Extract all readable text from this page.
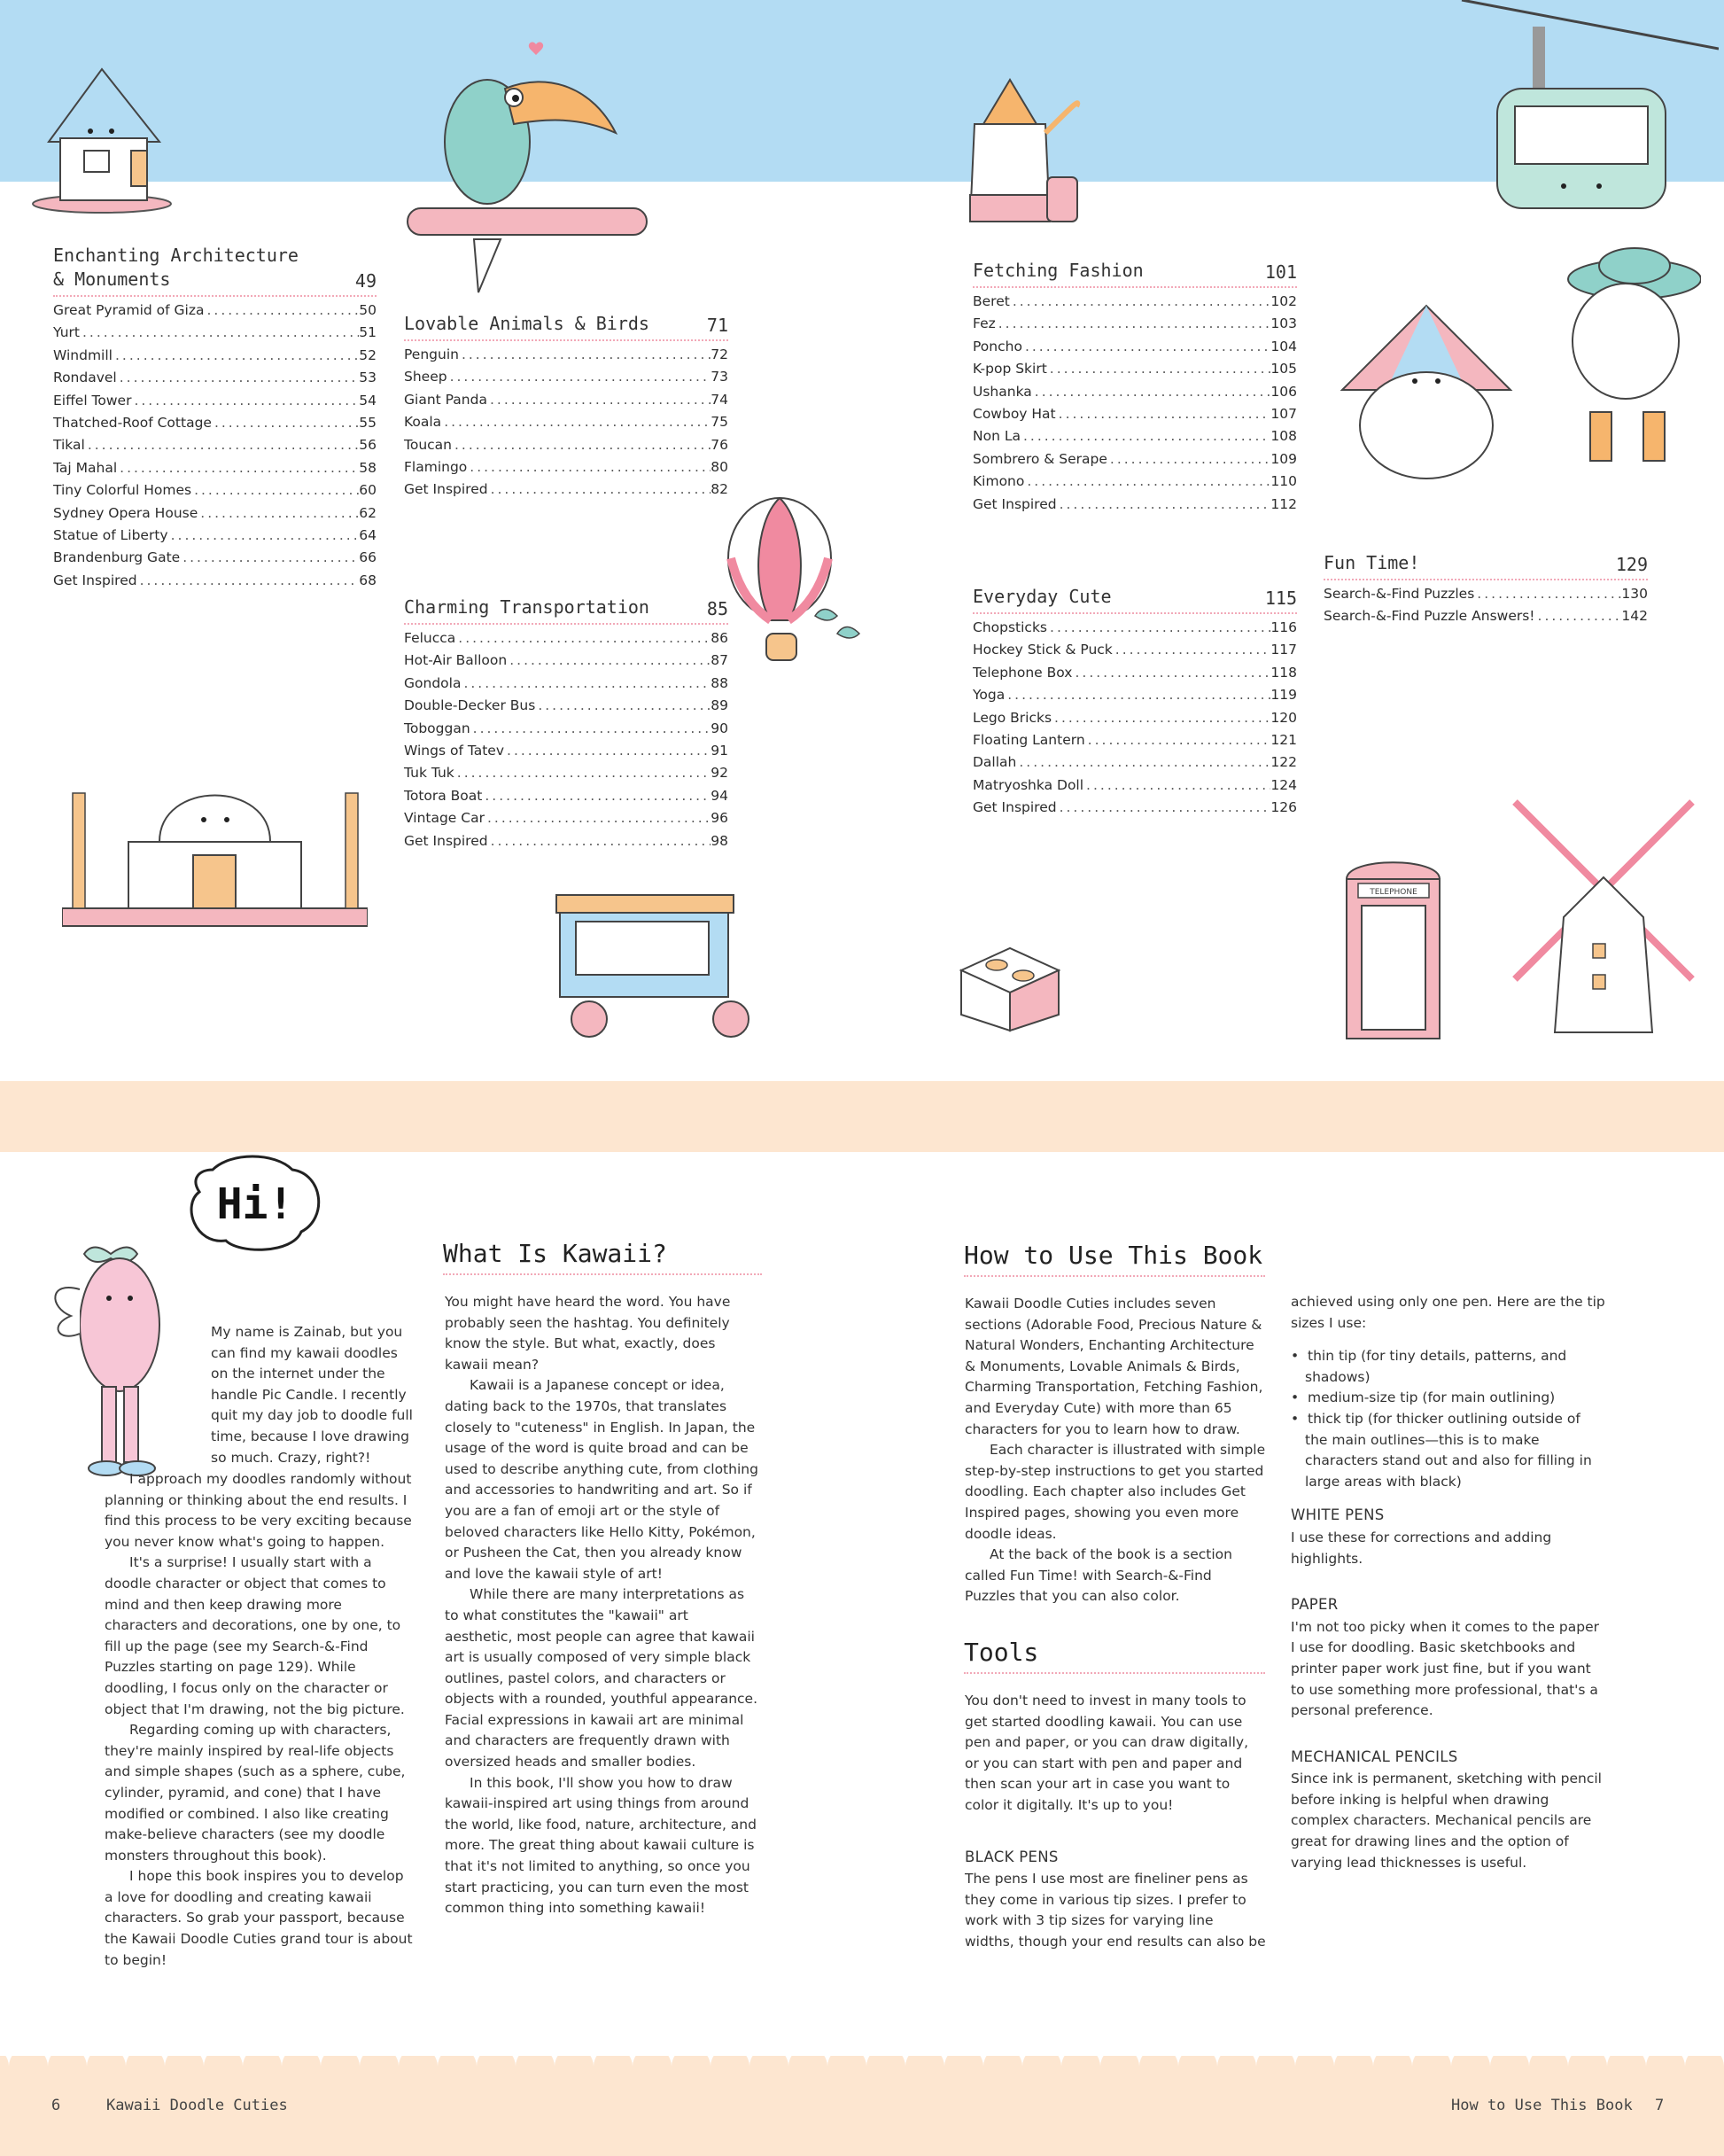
TELEPHONE
Enchanting Architecture & Monuments	49
Great Pyramid of Giza .....	50
Yurt .....	51
Windmill .....	52
Rondavel .....	53
Eiffel Tower .....	54
Thatched-Roof Cottage .....	55
Tikal .....	56
Taj Mahal .....	58
Tiny Colorful Homes .....	60
Sydney Opera House .....	62
Statue of Liberty .....	64
Brandenburg Gate .....	66
Get Inspired .....	68
Lovable Animals & Birds	71
Penguin .....	72
Sheep .....	73
Giant Panda .....	74
Koala .....	75
Toucan .....	76
Flamingo .....	80
Get Inspired .....	82
Charming Transportation	85
Felucca .....	86
Hot-Air Balloon .....	87
Gondola .....	88
Double-Decker Bus .....	89
Toboggan .....	90
Wings of Tatev .....	91
Tuk Tuk .....	92
Totora Boat .....	94
Vintage Car .....	96
Get Inspired .....	98
Fetching Fashion	101
Beret .....	102
Fez .....	103
Poncho .....	104
K-pop Skirt .....	105
Ushanka .....	106
Cowboy Hat .....	107
Non La .....	108
Sombrero & Serape .....	109
Kimono .....	110
Get Inspired .....	112
Everyday Cute	115
Chopsticks .....	116
Hockey Stick & Puck .....	117
Telephone Box .....	118
Yoga .....	119
Lego Bricks .....	120
Floating Lantern .....	121
Dallah .....	122
Matryoshka Doll .....	124
Get Inspired .....	126
Fun Time!	129
Search-&-Find Puzzles .....	130
Search-&-Find Puzzle Answers! .....	142
Hi!

My name is Zainab, but you can find my kawaii doodles on the internet under the handle Pic Candle. I recently quit my day job to doodle full time, because I love drawing so much. Crazy, right?!

I approach my doodles randomly without planning or thinking about the end results. I find this process to be very exciting because you never know what's going to happen.

It's a surprise! I usually start with a doodle character or object that comes to mind and then keep drawing more characters and decorations, one by one, to fill up the page (see my Search-&-Find Puzzles starting on page 129). While doodling, I focus only on the character or object that I'm drawing, not the big picture.

Regarding coming up with characters, they're mainly inspired by real-life objects and simple shapes (such as a sphere, cube, cylinder, pyramid, and cone) that I have modified or combined. I also like creating make-believe characters (see my doodle monsters throughout this book).

I hope this book inspires you to develop a love for doodling and creating kawaii characters. So grab your passport, because the Kawaii Doodle Cuties grand tour is about to begin!

What Is Kawaii?

You might have heard the word. You have probably seen the hashtag. You definitely know the style. But what, exactly, does kawaii mean?

Kawaii is a Japanese concept or idea, dating back to the 1970s, that translates closely to "cuteness" in English. In Japan, the usage of the word is quite broad and can be used to describe anything cute, from clothing and accessories to handwriting and art. So if you are a fan of emoji art or the style of beloved characters like Hello Kitty, Pokémon, or Pusheen the Cat, then you already know and love the kawaii style of art!

While there are many interpretations as to what constitutes the "kawaii" art aesthetic, most people can agree that kawaii art is usually composed of very simple black outlines, pastel colors, and characters or objects with a rounded, youthful appearance. Facial expressions in kawaii art are minimal and characters are frequently drawn with oversized heads and smaller bodies.

In this book, I'll show you how to draw kawaii-inspired art using things from around the world, like food, nature, architecture, and more. The great thing about kawaii culture is that it's not limited to anything, so once you start practicing, you can turn even the most common thing into something kawaii!

How to Use This Book

Kawaii Doodle Cuties includes seven sections (Adorable Food, Precious Nature & Natural Wonders, Enchanting Architecture & Monuments, Lovable Animals & Birds, Charming Transportation, Fetching Fashion, and Everyday Cute) with more than 65 characters for you to learn how to draw.

Each character is illustrated with simple step-by-step instructions to get you started doodling. Each chapter also includes Get Inspired pages, showing you even more doodle ideas.

At the back of the book is a section called Fun Time! with Search-&-Find Puzzles that you can also color.

Tools

You don't need to invest in many tools to get started doodling kawaii. You can use pen and paper, or you can draw digitally, or you can start with pen and paper and then scan your art in case you want to color it digitally. It's up to you!

BLACK PENS

The pens I use most are fineliner pens as they come in various tip sizes. I prefer to work with 3 tip sizes for varying line widths, though your end results can also be

achieved using only one pen. Here are the tip sizes I use:

•  thin tip (for tiny details, patterns, and shadows)

•  medium-size tip (for main outlining)

•  thick tip (for thicker outlining outside of the main outlines—this is to make characters stand out and also for filling in large areas with black)

WHITE PENS

I use these for corrections and adding highlights.

PAPER

I'm not too picky when it comes to the paper I use for doodling. Basic sketchbooks and printer paper work just fine, but if you want to use something more professional, that's a personal preference.

MECHANICAL PENCILS

Since ink is permanent, sketching with pencil before inking is helpful when drawing complex characters. Mechanical pencils are great for drawing lines and the option of varying lead thicknesses is useful.

6	Kawaii Doodle Cuties	How to Use This Book 7
